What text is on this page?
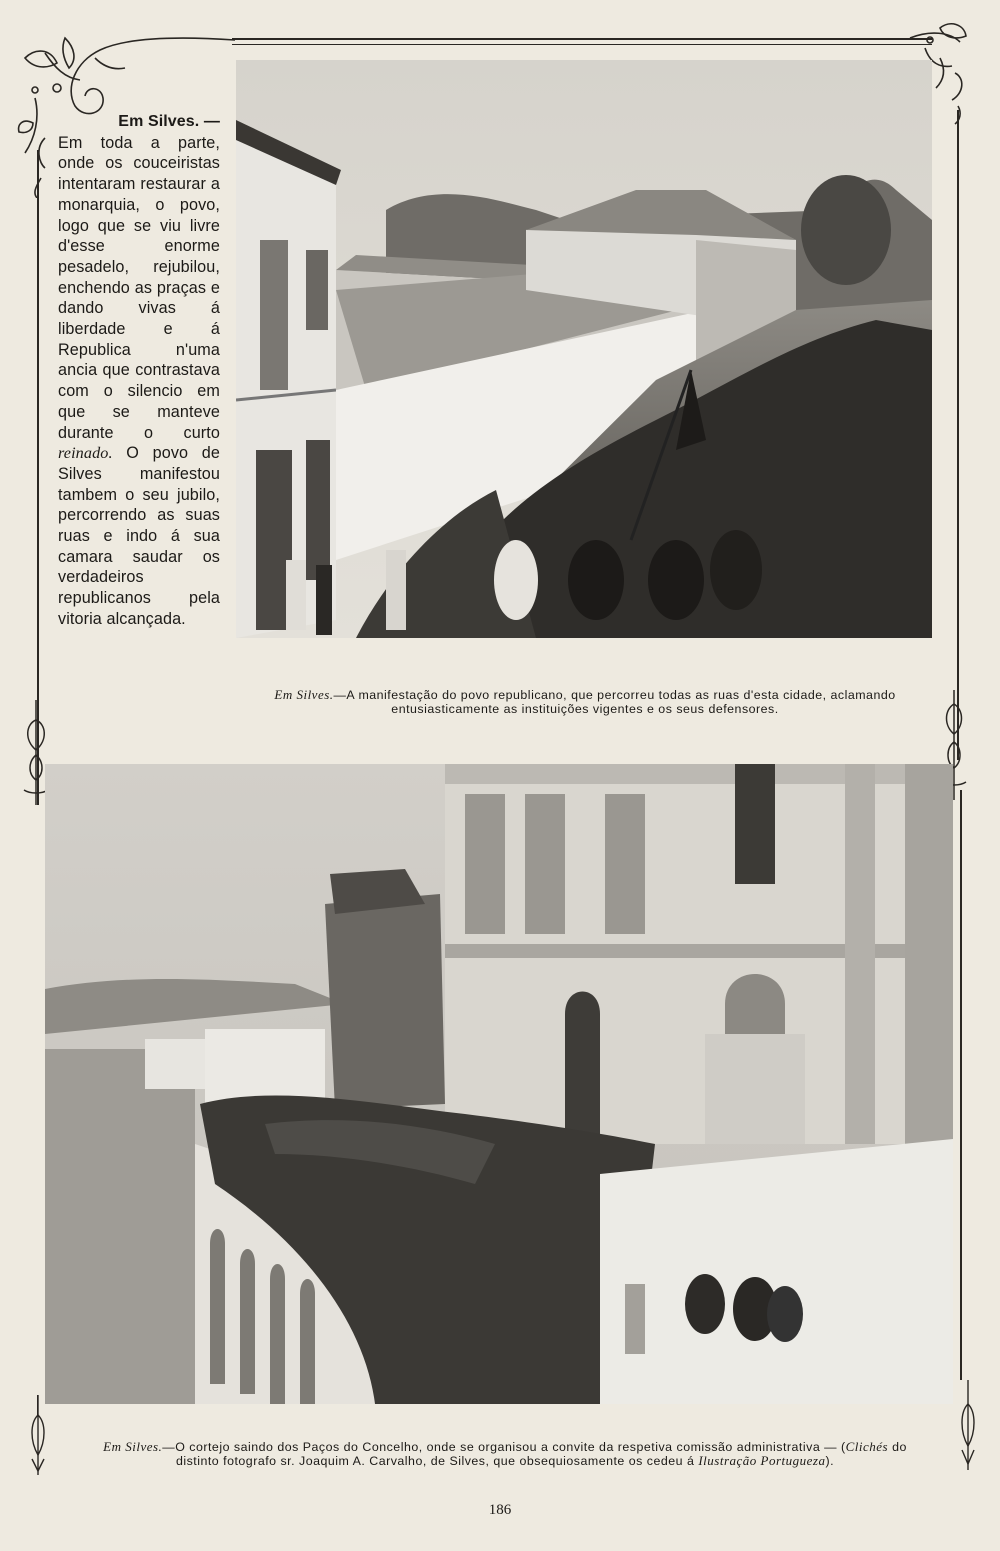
Em Silves. —
Em toda a parte, onde os couceiristas intentaram restaurar a monarquia, o povo, logo que se viu livre d'esse enorme pesadelo, rejubilou, enchendo as praças e dando vivas á liberdade e á Republica n'uma ancia que contrastava com o silencio em que se manteve durante o curto reinado. O povo de Silves manifestou tambem o seu jubilo, percorrendo as suas ruas e indo á sua camara saudar os verdadeiros republicanos pela vitoria alcançada.
Em Silves.—A manifestação do povo republicano, que percorreu todas as ruas d'esta cidade, aclamando entusiasticamente as instituições vigentes e os seus defensores.
Em Silves.—O cortejo saindo dos Paços do Concelho, onde se organisou a convite da respetiva comissão administrativa — (Clichés do distinto fotografo sr. Joaquim A. Carvalho, de Silves, que obsequiosamente os cedeu á Ilustração Portugueza).
186
